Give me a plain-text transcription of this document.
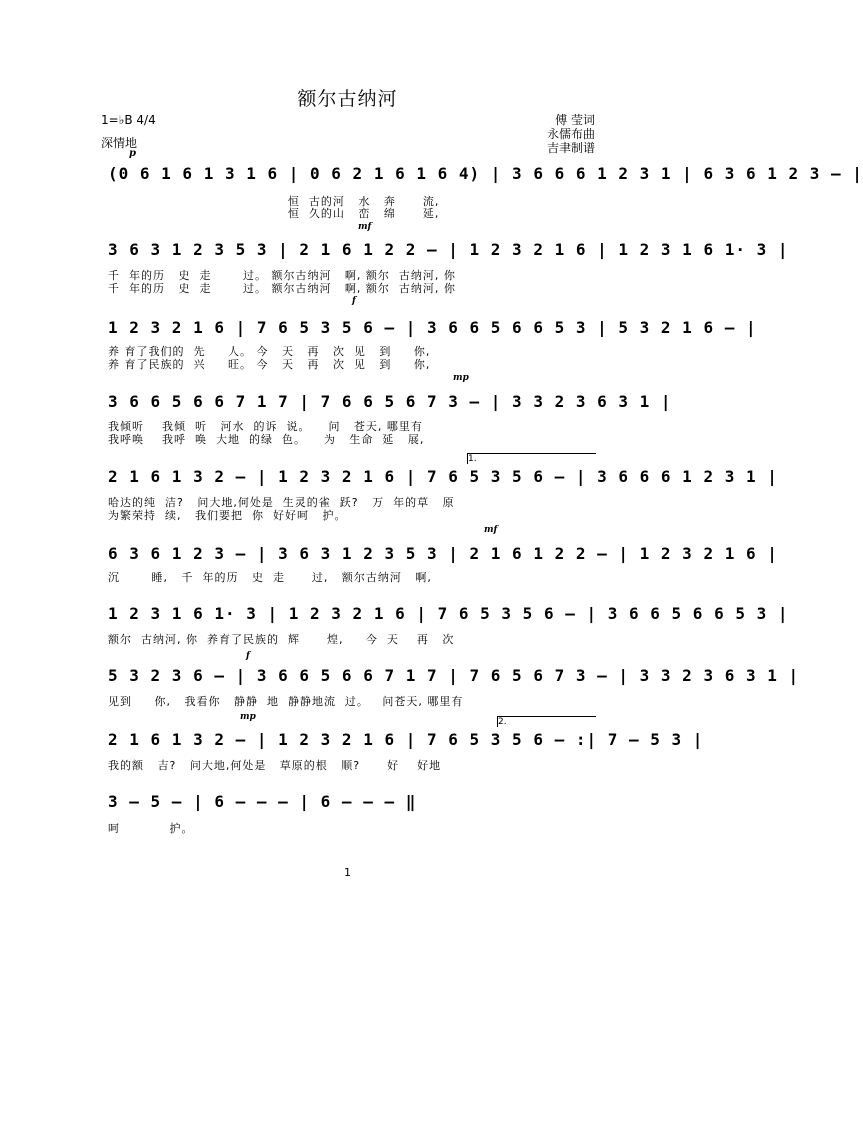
额尔古纳河
1=♭B 4/4
深情地
p
傅 莹词
永儒布曲
吉聿制谱
(0 6 1 6 1 3 1 6 | 0 6 2 1 6 1 6 4) | 3 6 6 6 1 2 3 1 | 6 3 6 1 2 3 — |
恒  古的河   水   奔      流,
恒  久的山   峦   绵      延,
mf
3 6 3 1 2 3 5 3 | 2 1 6 1 2 2 — | 1 2 3 2 1 6 | 1 2 3 1 6 1· 3 |
千  年的历   史  走       过。 额尔古纳河   啊, 额尔  古纳河, 你
千  年的历   史  走       过。 额尔古纳河   啊, 额尔  古纳河, 你
f
1 2 3 2 1 6 | 7 6 5 3 5 6 — | 3 6 6 5 6 6 5 3 | 5 3 2 1 6 — |
养 育了我们的  先     人。 今   天   再   次  见   到     你,
养 育了民族的  兴     旺。 今   天   再   次  见   到     你,
mp
3 6 6 5 6 6 7 1 7 | 7 6 6 5 6 7 3 — | 3 3 2 3 6 3 1 |
我倾听    我倾  听   河水  的诉  说。    问   苍天, 哪里有
我呼唤    我呼  唤  大地  的绿  色。    为   生命  延   展,
1.
2 1 6 1 3 2 — | 1 2 3 2 1 6 | 7 6 5 3 5 6 — | 3 6 6 6 1 2 3 1 |
哈达的纯  洁?   问大地,何处是  生灵的雀  跃?   万  年的草   原
为繁荣持  续,   我们要把  你  好好呵   护。
mf
6 3 6 1 2 3 — | 3 6 3 1 2 3 5 3 | 2 1 6 1 2 2 — | 1 2 3 2 1 6 |
沉       睡,   千  年的历   史  走      过,   额尔古纳河   啊,
1 2 3 1 6 1· 3 | 1 2 3 2 1 6 | 7 6 5 3 5 6 — | 3 6 6 5 6 6 5 3 |
额尔  古纳河, 你  养育了民族的  辉      煌,     今  天    再   次
f
5 3 2 3 6 — | 3 6 6 5 6 6 7 1 7 | 7 6 5 6 7 3 — | 3 3 2 3 6 3 1 |
见到     你,   我看你   静静  地  静静地流  过。   问苍天, 哪里有
mp	2.
2 1 6 1 3 2 — | 1 2 3 2 1 6 | 7 6 5 3 5 6 — :| 7 — 5 3 |
我的额   吉?   问大地,何处是   草原的根   顺?      好    好地
3 — 5 — | 6 — — — | 6 — — — ‖
呵           护。
1
